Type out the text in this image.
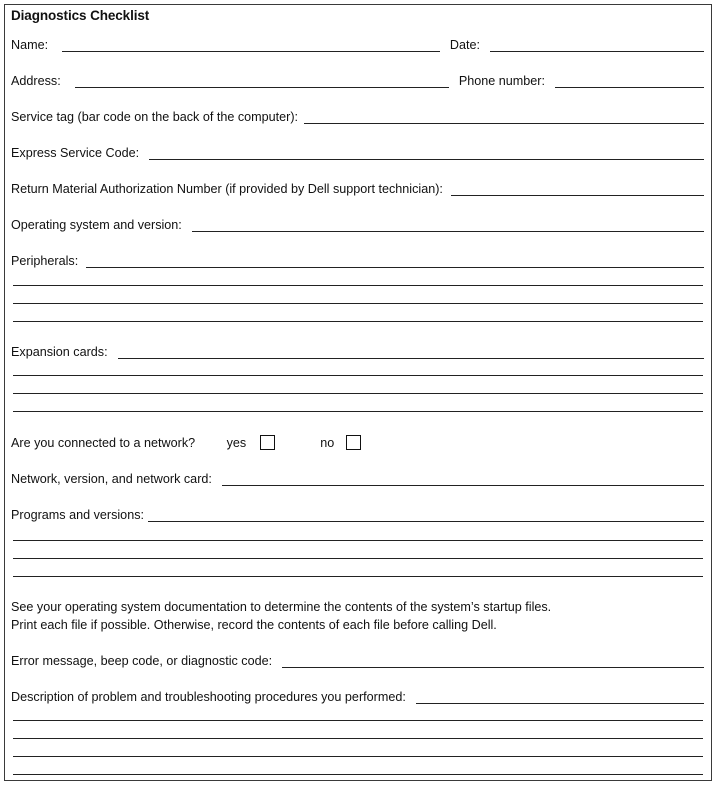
Diagnostics Checklist
Name:	Date:
Address:	Phone number:
Service tag (bar code on the back of the computer):
Express Service Code:
Return Material Authorization Number (if provided by Dell support technician):
Operating system and version:
Peripherals:
Expansion cards:
Are you connected to a network?	yes	no
Network, version, and network card:
Programs and versions:
See your operating system documentation to determine the contents of the system’s startup files.
Print each file if possible. Otherwise, record the contents of each file before calling Dell.
Error message, beep code, or diagnostic code:
Description of problem and troubleshooting procedures you performed:
